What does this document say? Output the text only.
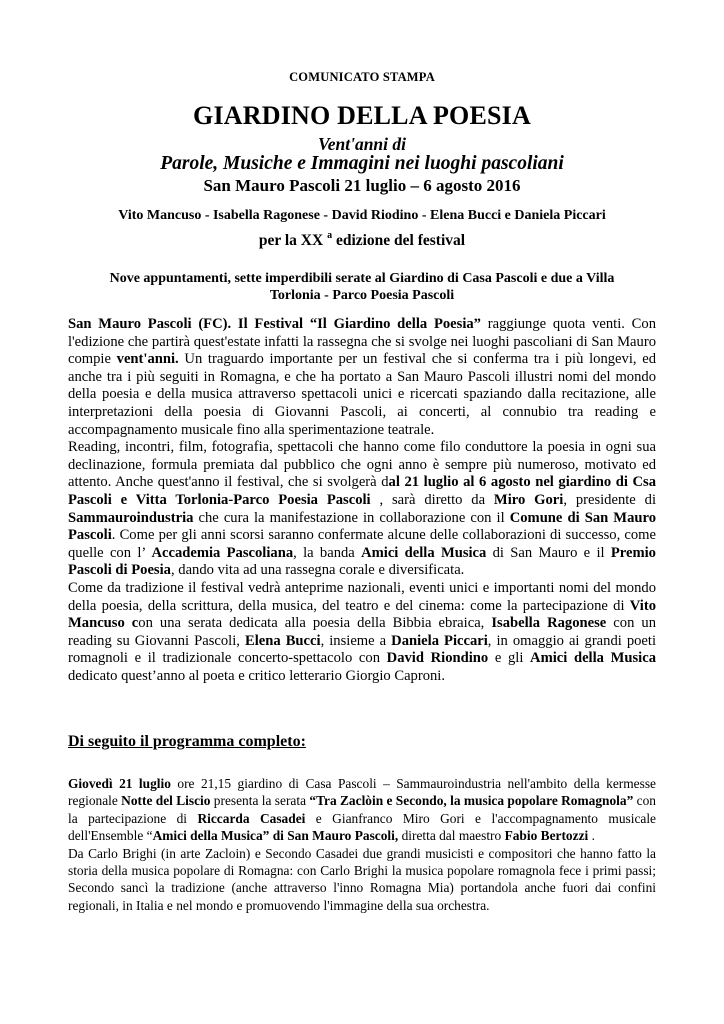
COMUNICATO STAMPA
GIARDINO DELLA POESIA
Vent'anni di
Parole, Musiche e Immagini nei luoghi pascoliani
San Mauro Pascoli 21 luglio – 6 agosto 2016
Vito Mancuso - Isabella Ragonese - David Riodino - Elena Bucci e Daniela Piccari
per la XX $^a$ edizione del festival
Nove appuntamenti, sette imperdibili serate al Giardino di Casa Pascoli e due a Villa
Torlonia - Parco Poesia Pascoli

San Mauro Pascoli (FC). Il Festival “Il Giardino della Poesia” raggiunge quota venti. Con l'edizione che partirà quest'estate infatti la rassegna che si svolge nei luoghi pascoliani di San Mauro compie vent'anni. Un traguardo importante per un festival che si conferma tra i più longevi, ed anche tra i più seguiti in Romagna, e che ha portato a San Mauro Pascoli illustri nomi del mondo della poesia e della musica attraverso spettacoli unici e ricercati spaziando dalla recitazione, alle interpretazioni della poesia di Giovanni Pascoli, ai concerti, al connubio tra reading e accompagnamento musicale fino alla sperimentazione teatrale.

Reading, incontri, film, fotografia, spettacoli che hanno come filo conduttore la poesia in ogni sua declinazione, formula premiata dal pubblico che ogni anno è sempre più numeroso, motivato ed attento. Anche quest'anno il festival, che si svolgerà dal 21 luglio al 6 agosto nel giardino di Csa Pascoli e Vitta Torlonia-Parco Poesia Pascoli , sarà diretto da Miro Gori, presidente di Sammauroindustria che cura la manifestazione in collaborazione con il Comune di San Mauro Pascoli. Come per gli anni scorsi saranno confermate alcune delle collaborazioni di successo, come quelle con l’ Accademia Pascoliana, la banda Amici della Musica di San Mauro e il Premio Pascoli di Poesia, dando vita ad una rassegna corale e diversificata.

Come da tradizione il festival vedrà anteprime nazionali, eventi unici e importanti nomi del mondo della poesia, della scrittura, della musica, del teatro e del cinema: come la partecipazione di Vito Mancuso con una serata dedicata alla poesia della Bibbia ebraica, Isabella Ragonese con un reading su Giovanni Pascoli, Elena Bucci, insieme a Daniela Piccari, in omaggio ai grandi poeti romagnoli e il tradizionale concerto-spettacolo con David Riondino e gli Amici della Musica dedicato quest’anno al poeta e critico letterario Giorgio Caproni.

Di seguito il programma completo:

Giovedì 21 luglio ore 21,15 giardino di Casa Pascoli – Sammauroindustria nell'ambito della kermesse regionale Notte del Liscio presenta la serata “Tra Zaclòin e Secondo, la musica popolare Romagnola” con la partecipazione di Riccarda Casadei e Gianfranco Miro Gori e l'accompagnamento musicale dell'Ensemble “Amici della Musica” di San Mauro Pascoli, diretta dal maestro Fabio Bertozzi .

Da Carlo Brighi (in arte Zacloin) e Secondo Casadei due grandi musicisti e compositori che hanno fatto la storia della musica popolare di Romagna: con Carlo Brighi la musica popolare romagnola fece i primi passi; Secondo sancì la tradizione (anche attraverso l'inno Romagna Mia) portandola anche fuori dai confini regionali, in Italia e nel mondo e promuovendo l'immagine della sua orchestra.
